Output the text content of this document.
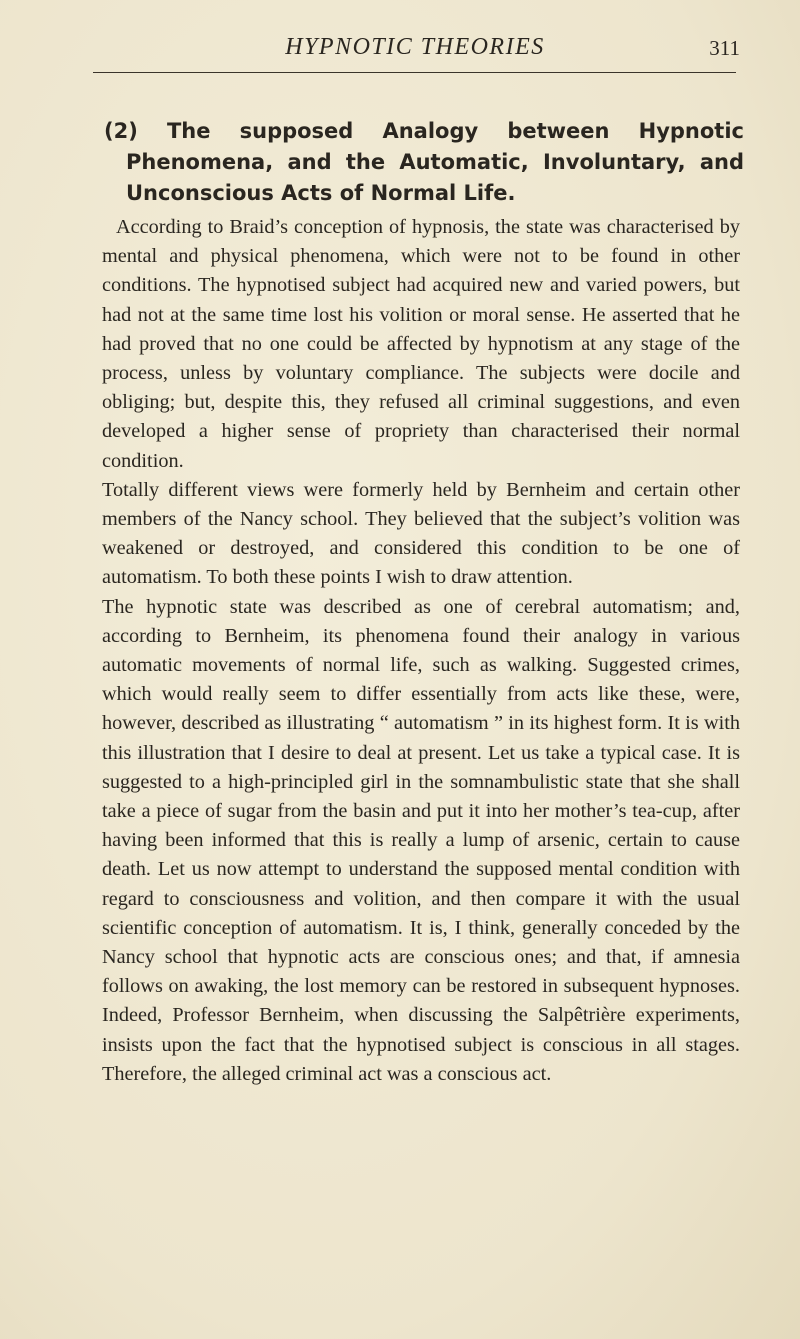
HYPNOTIC THEORIES	311
(2) The supposed Analogy between Hypnotic Phenomena, and the Automatic, Involuntary, and Unconscious Acts of Normal Life.

According to Braid’s conception of hypnosis, the state was characterised by mental and physical phenomena, which were not to be found in other conditions. The hypnotised subject had acquired new and varied powers, but had not at the same time lost his volition or moral sense. He asserted that he had proved that no one could be affected by hypnotism at any stage of the process, unless by voluntary compliance. The subjects were docile and obliging; but, despite this, they refused all criminal suggestions, and even developed a higher sense of propriety than characterised their normal condition.

Totally different views were formerly held by Bernheim and certain other members of the Nancy school. They believed that the subject’s volition was weakened or destroyed, and considered this condition to be one of automatism. To both these points I wish to draw attention.

The hypnotic state was described as one of cerebral automatism; and, according to Bernheim, its phenomena found their analogy in various automatic movements of normal life, such as walking. Suggested crimes, which would really seem to differ essentially from acts like these, were, however, described as illustrating “ automatism ” in its highest form. It is with this illustration that I desire to deal at present. Let us take a typical case. It is suggested to a high-principled girl in the somnambulistic state that she shall take a piece of sugar from the basin and put it into her mother’s tea-cup, after having been informed that this is really a lump of arsenic, certain to cause death. Let us now attempt to understand the supposed mental condition with regard to consciousness and volition, and then compare it with the usual scientific conception of automatism. It is, I think, generally conceded by the Nancy school that hypnotic acts are conscious ones; and that, if amnesia follows on awaking, the lost memory can be restored in subsequent hypnoses. Indeed, Professor Bernheim, when discussing the Salpêtrière experiments, insists upon the fact that the hypnotised subject is conscious in all stages. Therefore, the alleged criminal act was a conscious act.
